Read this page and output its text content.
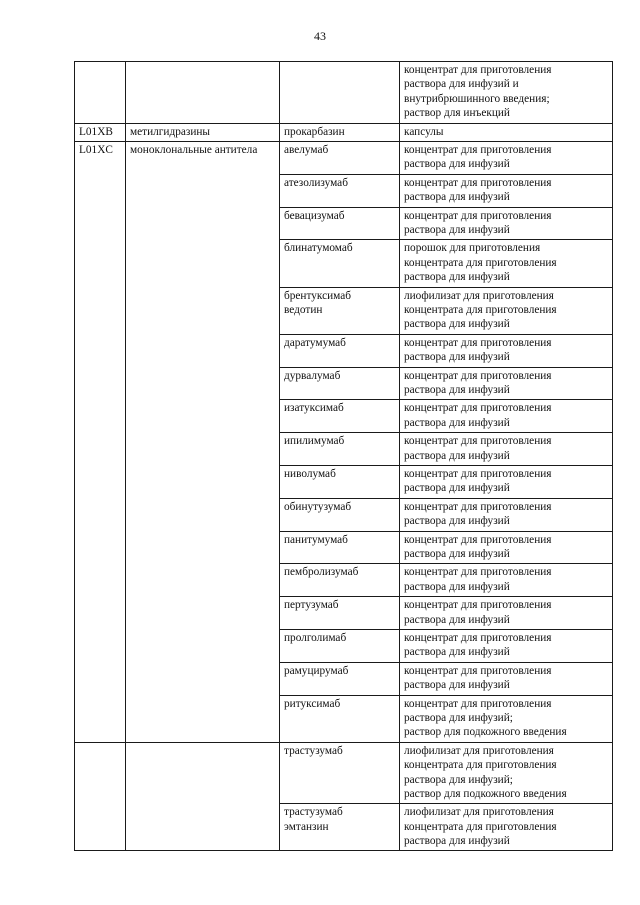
43

			концентрат для приготовления
раствора для инфузий и
внутрибрюшинного введения;
раствор для инъекций

L01XB	метилгидразины	прокарбазин	капсулы

L01XC	моноклональные антитела	авелумаб	концентрат для приготовления
раствора для инфузий

		атезолизумаб	концентрат для приготовления
раствора для инфузий

		бевацизумаб	концентрат для приготовления
раствора для инфузий

		блинатумомаб	порошок для приготовления
концентрата для приготовления
раствора для инфузий

		брентуксимаб
ведотин	лиофилизат для приготовления
концентрата для приготовления
раствора для инфузий

		даратумумаб	концентрат для приготовления
раствора для инфузий

		дурвалумаб	концентрат для приготовления
раствора для инфузий

		изатуксимаб	концентрат для приготовления
раствора для инфузий

		ипилимумаб	концентрат для приготовления
раствора для инфузий

		ниволумаб	концентрат для приготовления
раствора для инфузий

		обинутузумаб	концентрат для приготовления
раствора для инфузий

		панитумумаб	концентрат для приготовления
раствора для инфузий

		пембролизумаб	концентрат для приготовления
раствора для инфузий

		пертузумаб	концентрат для приготовления
раствора для инфузий

		пролголимаб	концентрат для приготовления
раствора для инфузий

		рамуцирумаб	концентрат для приготовления
раствора для инфузий

		ритуксимаб	концентрат для приготовления
раствора для инфузий;
раствор для подкожного введения

		трастузумаб	лиофилизат для приготовления
концентрата для приготовления
раствора для инфузий;
раствор для подкожного введения

		трастузумаб
эмтанзин	лиофилизат для приготовления
концентрата для приготовления
раствора для инфузий
